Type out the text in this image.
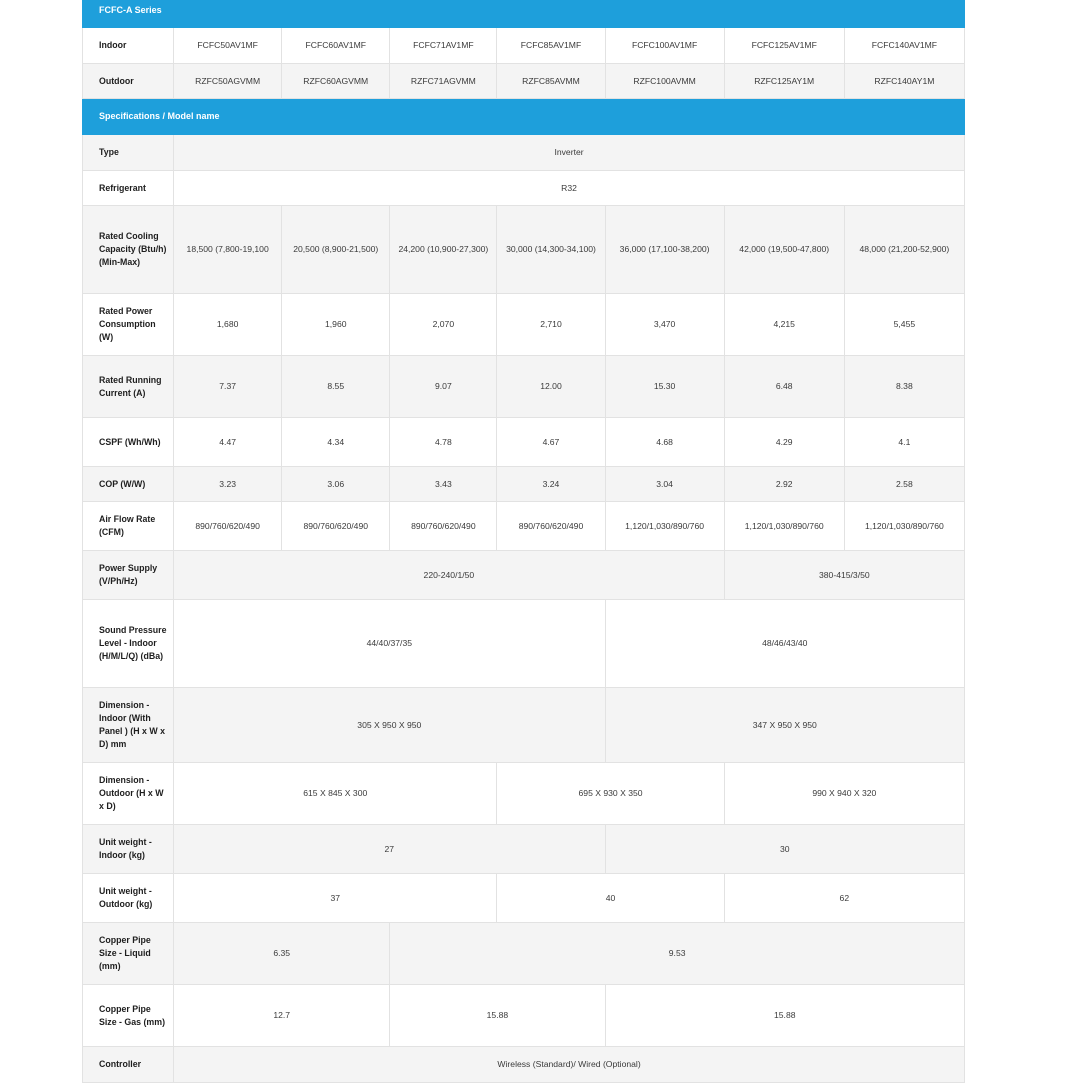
FCFC-A Series							
Indoor	FCFC50AV1MF	FCFC60AV1MF	FCFC71AV1MF	FCFC85AV1MF	FCFC100AV1MF	FCFC125AV1MF	FCFC140AV1MF
Outdoor	RZFC50AGVMM	RZFC60AGVMM	RZFC71AGVMM	RZFC85AVMM	RZFC100AVMM	RZFC125AY1M	RZFC140AY1M
Specifications / Model name							
Type	Inverter						
Refrigerant	R32						
Rated Cooling Capacity (Btu/h) (Min-Max)	18,500 (7,800-19,100	20,500 (8,900-21,500)	24,200 (10,900-27,300)	30,000 (14,300-34,100)	36,000 (17,100-38,200)	42,000 (19,500-47,800)	48,000 (21,200-52,900)
Rated Power Consumption (W)	1,680	1,960	2,070	2,710	3,470	4,215	5,455
Rated Running Current (A)	7.37	8.55	9.07	12.00	15.30	6.48	8.38
CSPF (Wh/Wh)	4.47	4.34	4.78	4.67	4.68	4.29	4.1
COP (W/W)	3.23	3.06	3.43	3.24	3.04	2.92	2.58
Air Flow Rate (CFM)	890/760/620/490	890/760/620/490	890/760/620/490	890/760/620/490	1,120/1,030/890/760	1,120/1,030/890/760	1,120/1,030/890/760
Power Supply (V/Ph/Hz)	220-240/1/50					380-415/3/50	
Sound Pressure Level - Indoor (H/M/L/Q) (dBa)	44/40/37/35				48/46/43/40		
Dimension - Indoor (With Panel ) (H x W x D) mm	305 X 950 X 950				347 X 950 X 950		
Dimension - Outdoor (H x W x D)	615 X 845 X 300			695 X 930 X 350		990 X 940 X 320	
Unit weight - Indoor (kg)	27				30		
Unit weight - Outdoor (kg)	37			40		62	
Copper Pipe Size - Liquid (mm)	6.35		9.53				
Copper Pipe Size - Gas (mm)	12.7		15.88		15.88		
Controller	Wireless (Standard)/ Wired (Optional)						
